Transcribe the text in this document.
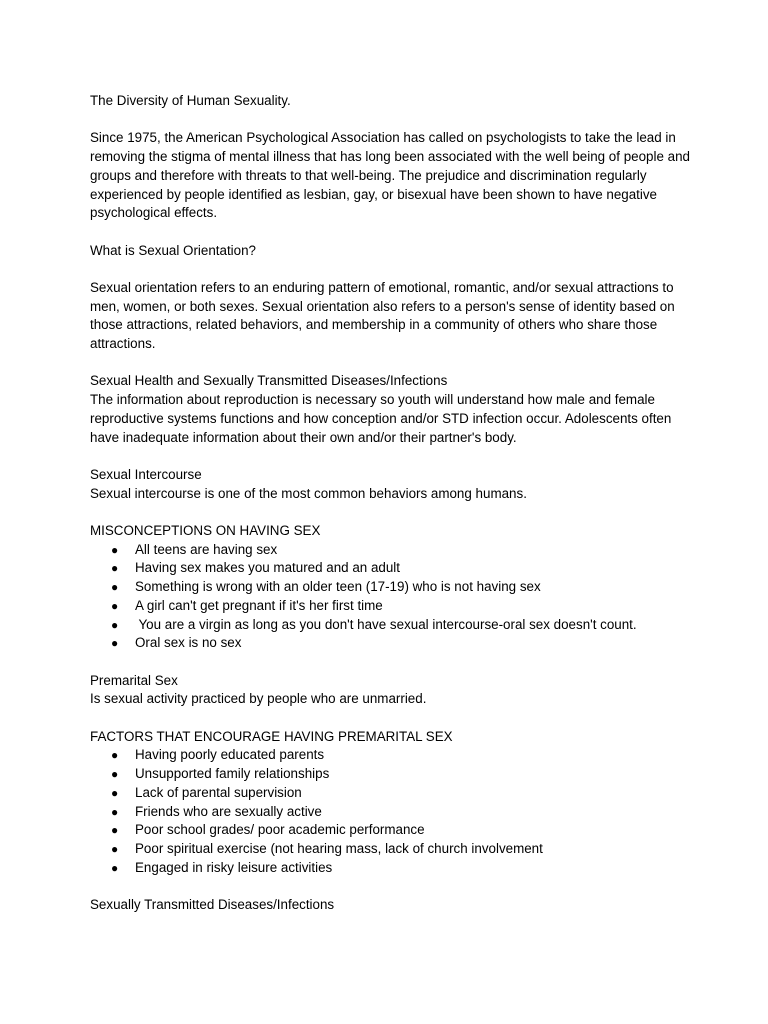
The Diversity of Human Sexuality.

Since 1975, the American Psychological Association has called on psychologists to take the lead in removing the stigma of mental illness that has long been associated with the well being of people and groups and therefore with threats to that well-being. The prejudice and discrimination regularly experienced by people identified as lesbian, gay, or bisexual have been shown to have negative psychological effects.

What is Sexual Orientation?

Sexual orientation refers to an enduring pattern of emotional, romantic, and/or sexual attractions to men, women, or both sexes. Sexual orientation also refers to a person's sense of identity based on those attractions, related behaviors, and membership in a community of others who share those attractions.

Sexual Health and Sexually Transmitted Diseases/Infections

The information about reproduction is necessary so youth will understand how male and female reproductive systems functions and how conception and/or STD infection occur. Adolescents often have inadequate information about their own and/or their partner's body.

Sexual Intercourse

Sexual intercourse is one of the most common behaviors among humans.

MISCONCEPTIONS ON HAVING SEX
● All teens are having sex
● Having sex makes you matured and an adult
● Something is wrong with an older teen (17-19) who is not having sex
● A girl can't get pregnant if it's her first time
● You are a virgin as long as you don't have sexual intercourse-oral sex doesn't count.
● Oral sex is no sex
Premarital Sex

Is sexual activity practiced by people who are unmarried.

FACTORS THAT ENCOURAGE HAVING PREMARITAL SEX
● Having poorly educated parents
● Unsupported family relationships
● Lack of parental supervision
● Friends who are sexually active
● Poor school grades/ poor academic performance
● Poor spiritual exercise (not hearing mass, lack of church involvement
● Engaged in risky leisure activities
Sexually Transmitted Diseases/Infections
